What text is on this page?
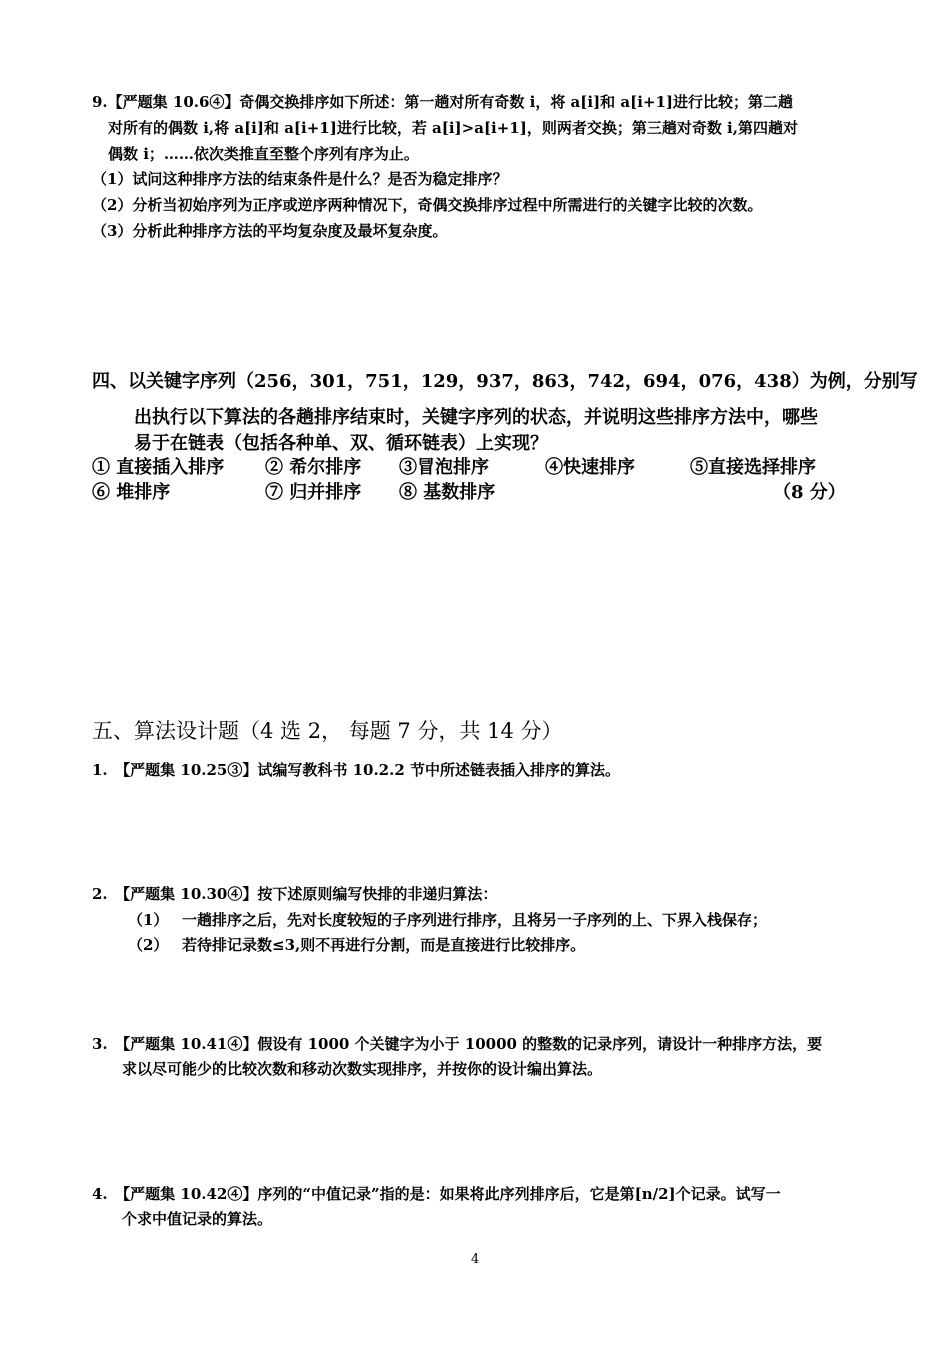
9.【严题集 10.6④】奇偶交换排序如下所述：第一趟对所有奇数 i，将 a[i]和 a[i+1]进行比较；第二趟
对所有的偶数 i,将 a[i]和 a[i+1]进行比较，若 a[i]>a[i+1]，则两者交换；第三趟对奇数 i,第四趟对
偶数 i；……依次类推直至整个序列有序为止。
（1）试问这种排序方法的结束条件是什么？是否为稳定排序？
（2）分析当初始序列为正序或逆序两种情况下，奇偶交换排序过程中所需进行的关键字比较的次数。
（3）分析此种排序方法的平均复杂度及最坏复杂度。
四、以关键字序列（256，301，751，129，937，863，742，694，076，438）为例，分别写
出执行以下算法的各趟排序结束时，关键字序列的状态，并说明这些排序方法中，哪些
易于在链表（包括各种单、双、循环链表）上实现？
① 直接插入排序 ② 希尔排序 ③冒泡排序	④快速排序	⑤直接选择排序
⑥ 堆排序	⑦ 归并排序 ⑧ 基数排序	（8 分）
五、算法设计题（4 选 2， 每题 7 分，共 14 分）
1.　【严题集 10.25③】试编写教科书 10.2.2 节中所述链表插入排序的算法。
2.　【严题集 10.30④】按下述原则编写快排的非递归算法：
（1） 一趟排序之后，先对长度较短的子序列进行排序，且将另一子序列的上、下界入栈保存；
（2） 若待排记录数≤3,则不再进行分割，而是直接进行比较排序。
3.　【严题集 10.41④】假设有 1000 个关键字为小于 10000 的整数的记录序列，请设计一种排序方法，要
求以尽可能少的比较次数和移动次数实现排序，并按你的设计编出算法。
4.　【严题集 10.42④】序列的“中值记录”指的是：如果将此序列排序后，它是第[n/2]个记录。试写一
个求中值记录的算法。
4
